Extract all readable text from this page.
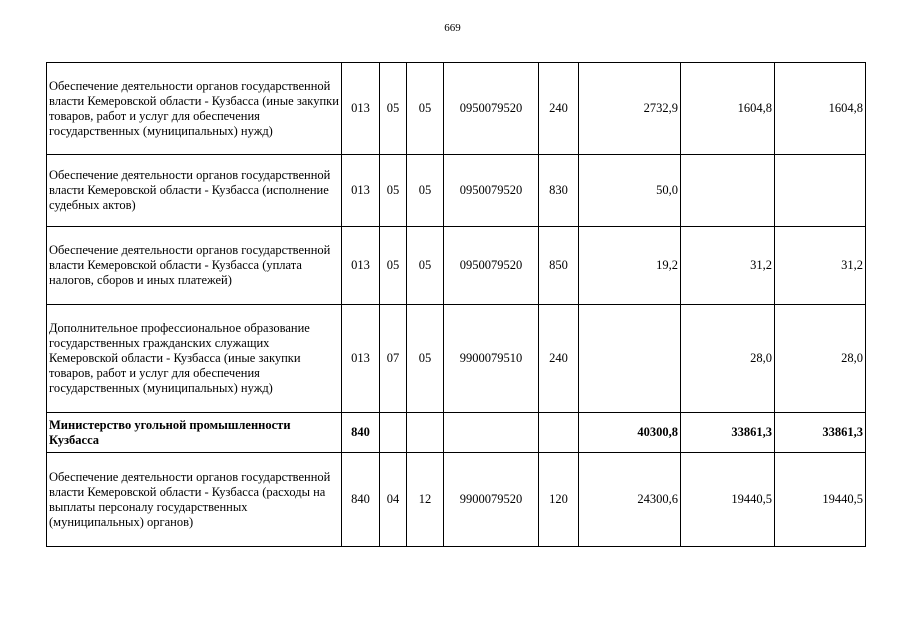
669
Обеспечение деятельности органов государственной власти Кемеровской области - Кузбасса (иные закупки товаров, работ и услуг для обеспечения государственных (муниципальных) нужд)	013	05	05	0950079520	240	2732,9	1604,8	1604,8
Обеспечение деятельности органов государственной власти Кемеровской области - Кузбасса (исполнение судебных актов)	013	05	05	0950079520	830	50,0		
Обеспечение деятельности органов государственной власти Кемеровской области - Кузбасса (уплата налогов, сборов и иных платежей)	013	05	05	0950079520	850	19,2	31,2	31,2
Дополнительное профессиональное образование государственных гражданских служащих Кемеровской области - Кузбасса (иные закупки товаров, работ и услуг для обеспечения государственных (муниципальных) нужд)	013	07	05	9900079510	240		28,0	28,0
Министерство угольной промышленности Кузбасса	840					40300,8	33861,3	33861,3
Обеспечение деятельности органов государственной власти Кемеровской области - Кузбасса (расходы на выплаты персоналу государственных (муниципальных) органов)	840	04	12	9900079520	120	24300,6	19440,5	19440,5
